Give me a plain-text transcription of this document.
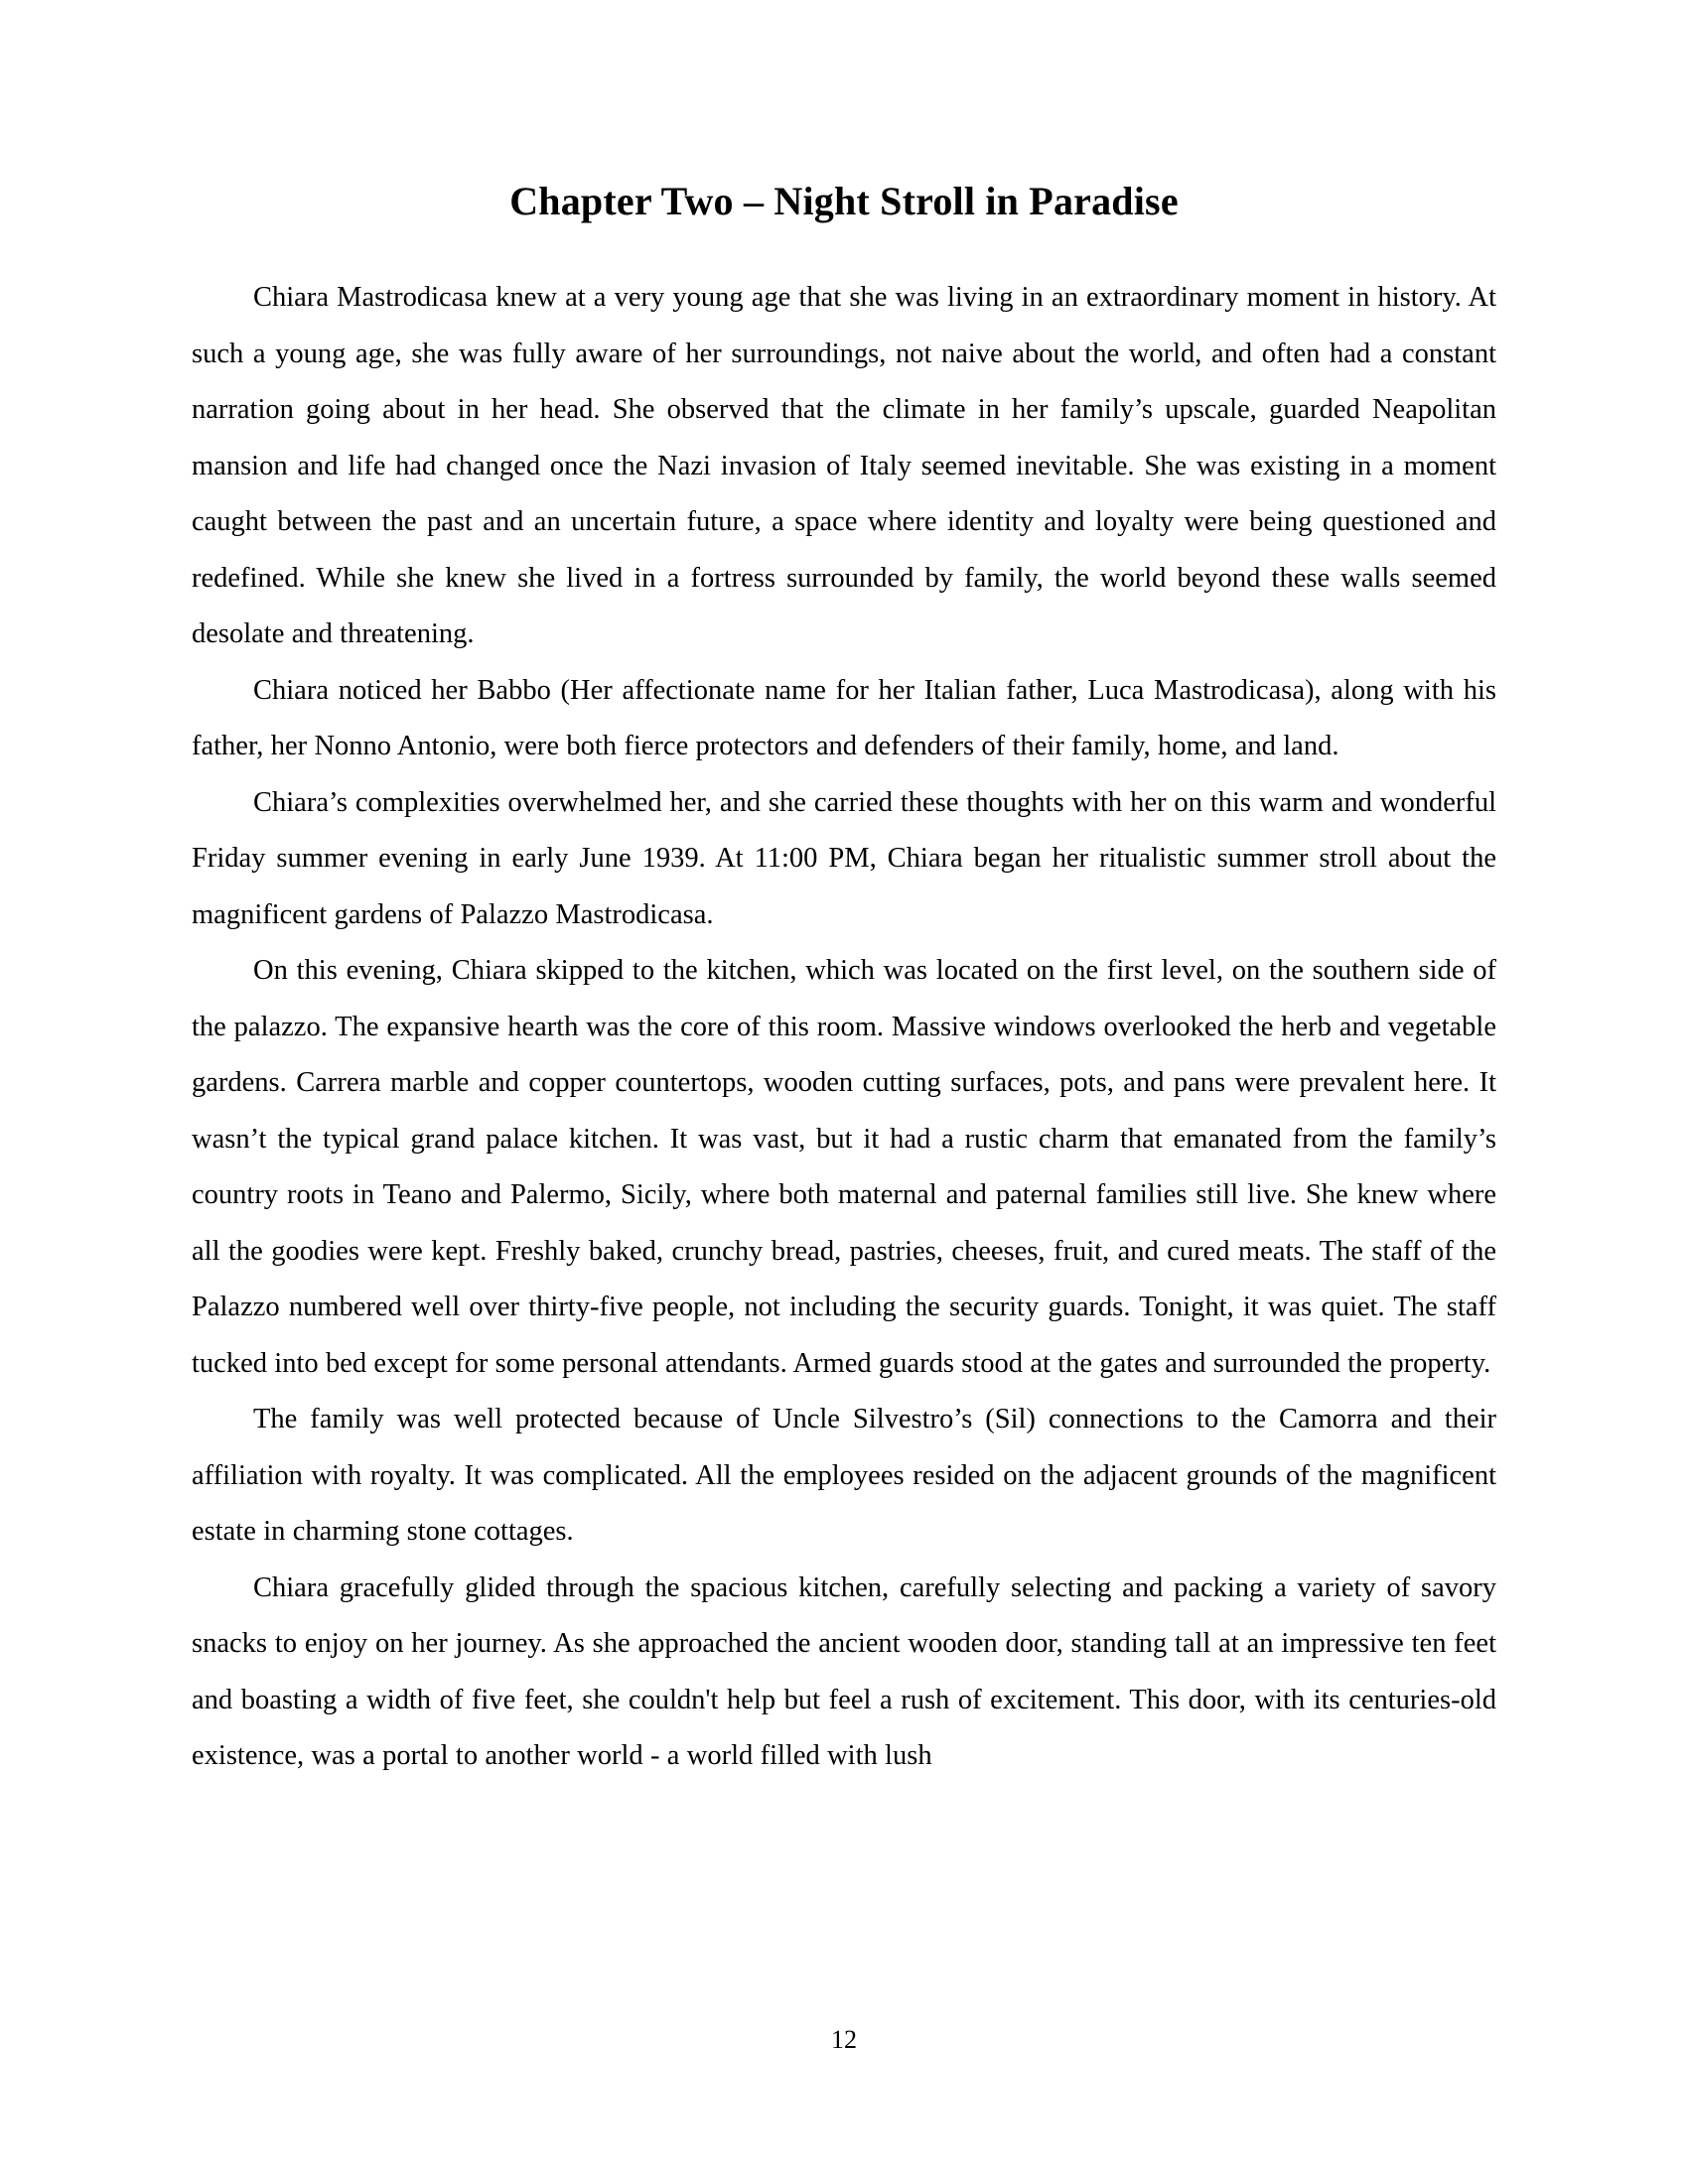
Chapter Two – Night Stroll in Paradise

Chiara Mastrodicasa knew at a very young age that she was living in an extraordinary moment in history. At such a young age, she was fully aware of her surroundings, not naive about the world, and often had a constant narration going about in her head. She observed that the climate in her family’s upscale, guarded Neapolitan mansion and life had changed once the Nazi invasion of Italy seemed inevitable. She was existing in a moment caught between the past and an uncertain future, a space where identity and loyalty were being questioned and redefined. While she knew she lived in a fortress surrounded by family, the world beyond these walls seemed desolate and threatening.

Chiara noticed her Babbo (Her affectionate name for her Italian father, Luca Mastrodicasa), along with his father, her Nonno Antonio, were both fierce protectors and defenders of their family, home, and land.

Chiara’s complexities overwhelmed her, and she carried these thoughts with her on this warm and wonderful Friday summer evening in early June 1939. At 11:00 PM, Chiara began her ritualistic summer stroll about the magnificent gardens of Palazzo Mastrodicasa.

On this evening, Chiara skipped to the kitchen, which was located on the first level, on the southern side of the palazzo. The expansive hearth was the core of this room. Massive windows overlooked the herb and vegetable gardens. Carrera marble and copper countertops, wooden cutting surfaces, pots, and pans were prevalent here. It wasn’t the typical grand palace kitchen. It was vast, but it had a rustic charm that emanated from the family’s country roots in Teano and Palermo, Sicily, where both maternal and paternal families still live. She knew where all the goodies were kept. Freshly baked, crunchy bread, pastries, cheeses, fruit, and cured meats. The staff of the Palazzo numbered well over thirty-five people, not including the security guards. Tonight, it was quiet. The staff tucked into bed except for some personal attendants. Armed guards stood at the gates and surrounded the property.

The family was well protected because of Uncle Silvestro’s (Sil) connections to the Camorra and their affiliation with royalty. It was complicated. All the employees resided on the adjacent grounds of the magnificent estate in charming stone cottages.

Chiara gracefully glided through the spacious kitchen, carefully selecting and packing a variety of savory snacks to enjoy on her journey. As she approached the ancient wooden door, standing tall at an impressive ten feet and boasting a width of five feet, she couldn't help but feel a rush of excitement. This door, with its centuries-old existence, was a portal to another world - a world filled with lush

12
